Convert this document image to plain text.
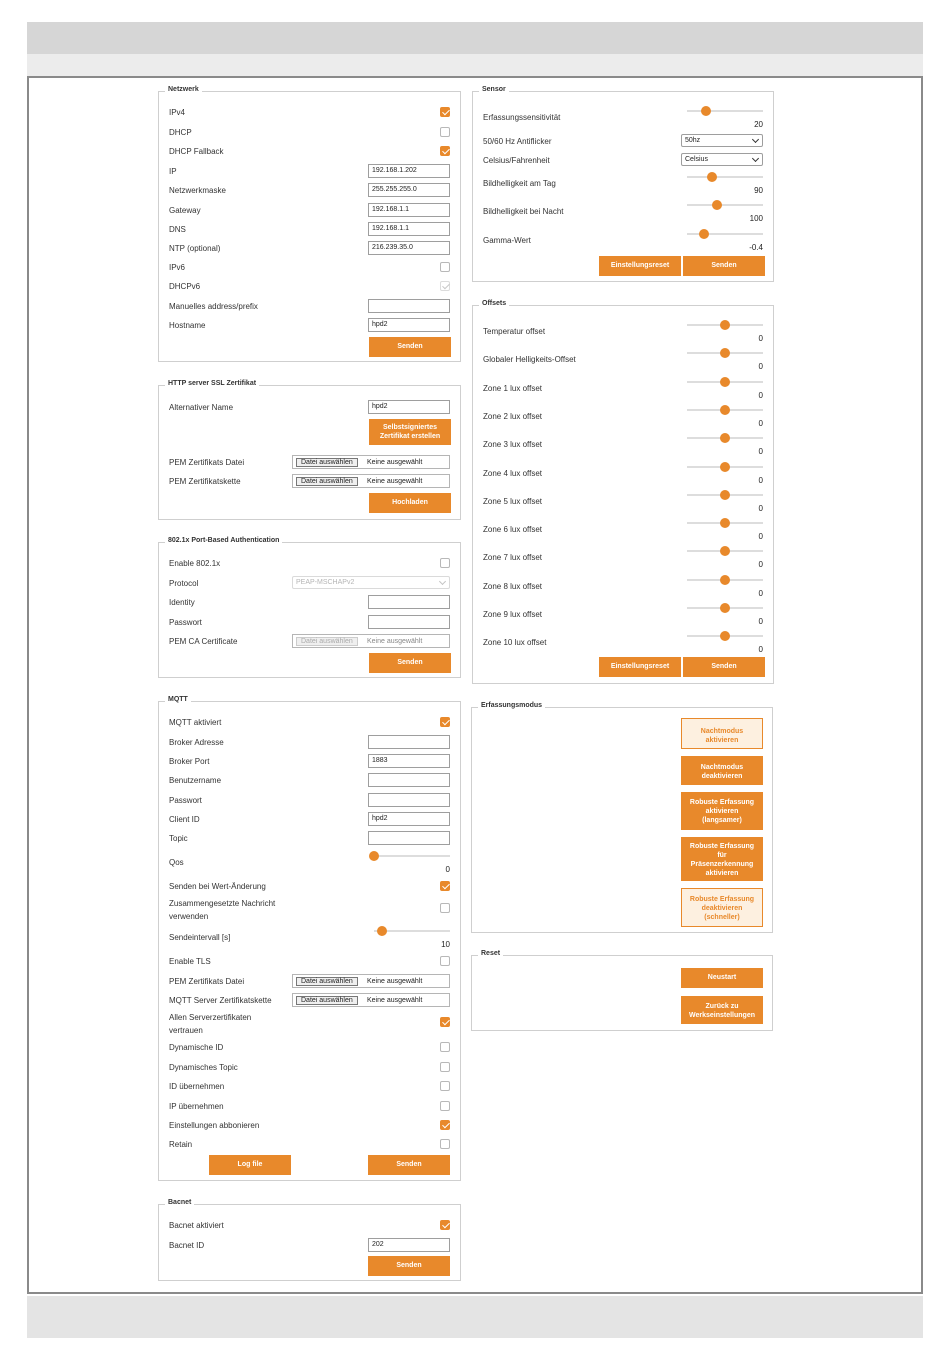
Netzwerk
IPv4
DHCP
DHCP Fallback
IP	192.168.1.202
Netzwerkmaske	255.255.255.0
Gateway	192.168.1.1
DNS	192.168.1.1
NTP (optional)	216.239.35.0
IPv6
DHCPv6
Manuelles address/prefix
Hostname	hpd2
Senden
HTTP server SSL Zertifikat
Alternativer Name	hpd2
Selbstsigniertes Zertifikat erstellen
PEM Zertifikats Datei	Datei auswählen	Keine ausgewählt
PEM Zertifikatskette	Datei auswählen	Keine ausgewählt
Hochladen
802.1x Port-Based Authentication
Enable 802.1x
Protocol	PEAP-MSCHAPv2
Identity
Passwort
PEM CA Certificate	Datei auswählen	Keine ausgewählt
Senden
MQTT
MQTT aktiviert
Broker Adresse
Broker Port	1883
Benutzername
Passwort
Client ID	hpd2
Topic
Qos
0
Senden bei Wert-Änderung
Zusammengesetzte Nachricht verwenden
Sendeintervall [s]
10
Enable TLS
PEM Zertifikats Datei	Datei auswählen	Keine ausgewählt
MQTT Server Zertifikatskette	Datei auswählen	Keine ausgewählt
Allen Serverzertifikaten vertrauen
Dynamische ID
Dynamisches Topic
ID übernehmen
IP übernehmen
Einstellungen abbonieren
Retain
Log file	Senden
Bacnet
Bacnet aktiviert
Bacnet ID	202
Senden
Sensor
Erfassungssensitivität
20
50/60 Hz Antiflicker	50hz
Celsius/Fahrenheit	Celsius
Bildhelligkeit am Tag
90
Bildhelligkeit bei Nacht
100
Gamma-Wert
-0.4
Einstellungsreset	Senden
Offsets
Temperatur offset
0
Globaler Helligkeits-Offset
0
Zone 1 lux offset
0
Zone 2 lux offset
0
Zone 3 lux offset
0
Zone 4 lux offset
0
Zone 5 lux offset
0
Zone 6 lux offset
0
Zone 7 lux offset
0
Zone 8 lux offset
0
Zone 9 lux offset
0
Zone 10 lux offset
0
Einstellungsreset	Senden
Erfassungsmodus
Nachtmodus aktivieren
Nachtmodus deaktivieren
Robuste Erfassung aktivieren (langsamer)
Robuste Erfassung für Präsenzerkennung aktivieren
Robuste Erfassung deaktivieren (schneller)
Reset
Neustart
Zurück zu Werkseinstellungen
